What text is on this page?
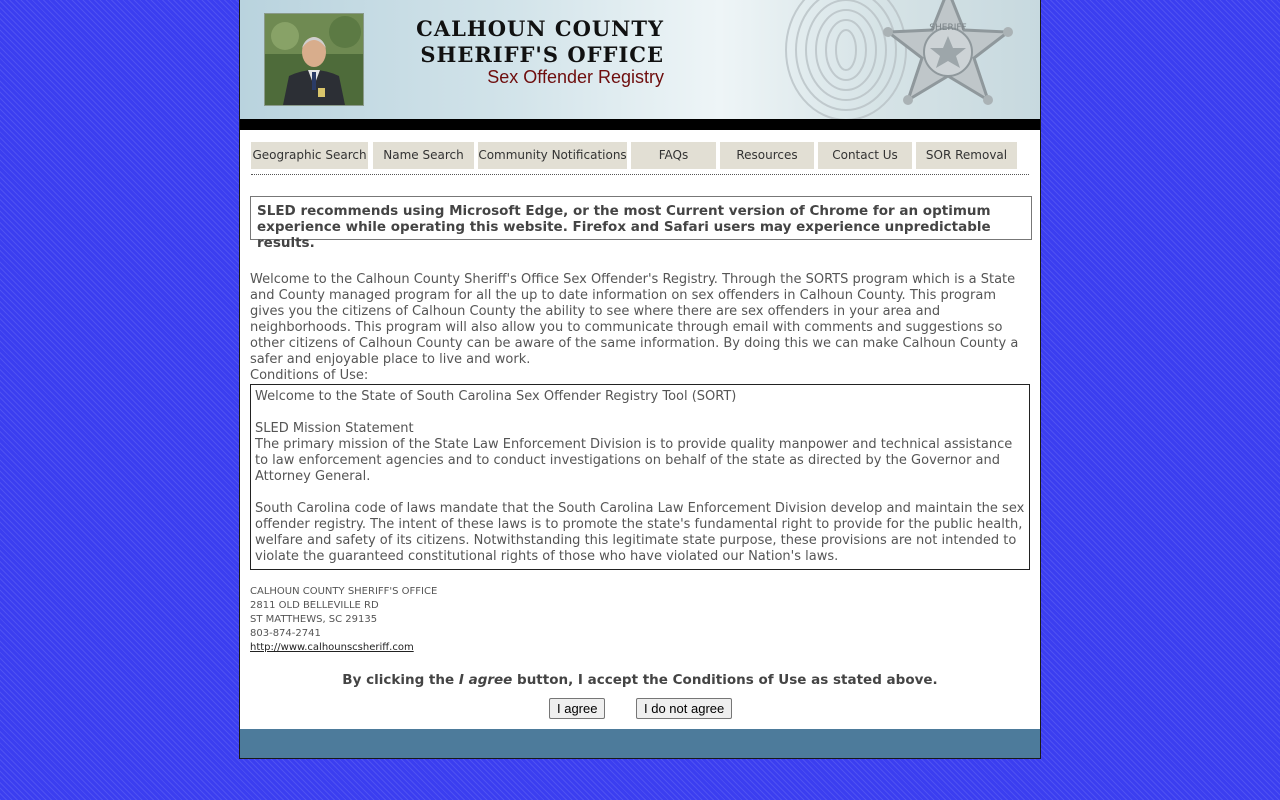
CALHOUN COUNTY
SHERIFF'S OFFICE
Sex Offender Registry
SHERIFF
Geographic Search	Name Search	Community Notifications	FAQs	Resources	Contact Us	SOR Removal

SLED recommends using Microsoft Edge, or the most Current version of Chrome for an optimum experience while operating this website. Firefox and Safari users may experience unpredictable results.

Welcome to the Calhoun County Sheriff's Office Sex Offender's Registry. Through the SORTS program which is a State and County managed program for all the up to date information on sex offenders in Calhoun County. This program gives you the citizens of Calhoun County the ability to see where there are sex offenders in your area and neighborhoods. This program will also allow you to communicate through email with comments and suggestions so other citizens of Calhoun County can be aware of the same information. By doing this we can make Calhoun County a safer and enjoyable place to live and work.
Conditions of Use:

Welcome to the State of South Carolina Sex Offender Registry Tool (SORT)

SLED Mission Statement

The primary mission of the State Law Enforcement Division is to provide quality manpower and technical assistance to law enforcement agencies and to conduct investigations on behalf of the state as directed by the Governor and Attorney General.

South Carolina code of laws mandate that the South Carolina Law Enforcement Division develop and maintain the sex offender registry. The intent of these laws is to promote the state's fundamental right to provide for the public health, welfare and safety of its citizens. Notwithstanding this legitimate state purpose, these provisions are not intended to violate the guaranteed constitutional rights of those who have violated our Nation's laws.

CALHOUN COUNTY SHERIFF'S OFFICE
2811 OLD BELLEVILLE RD
ST MATTHEWS, SC 29135
803-874-2741
http://www.calhounscsheriff.com
By clicking the I agree button, I accept the Conditions of Use as stated above.
I agree	I do not agree
